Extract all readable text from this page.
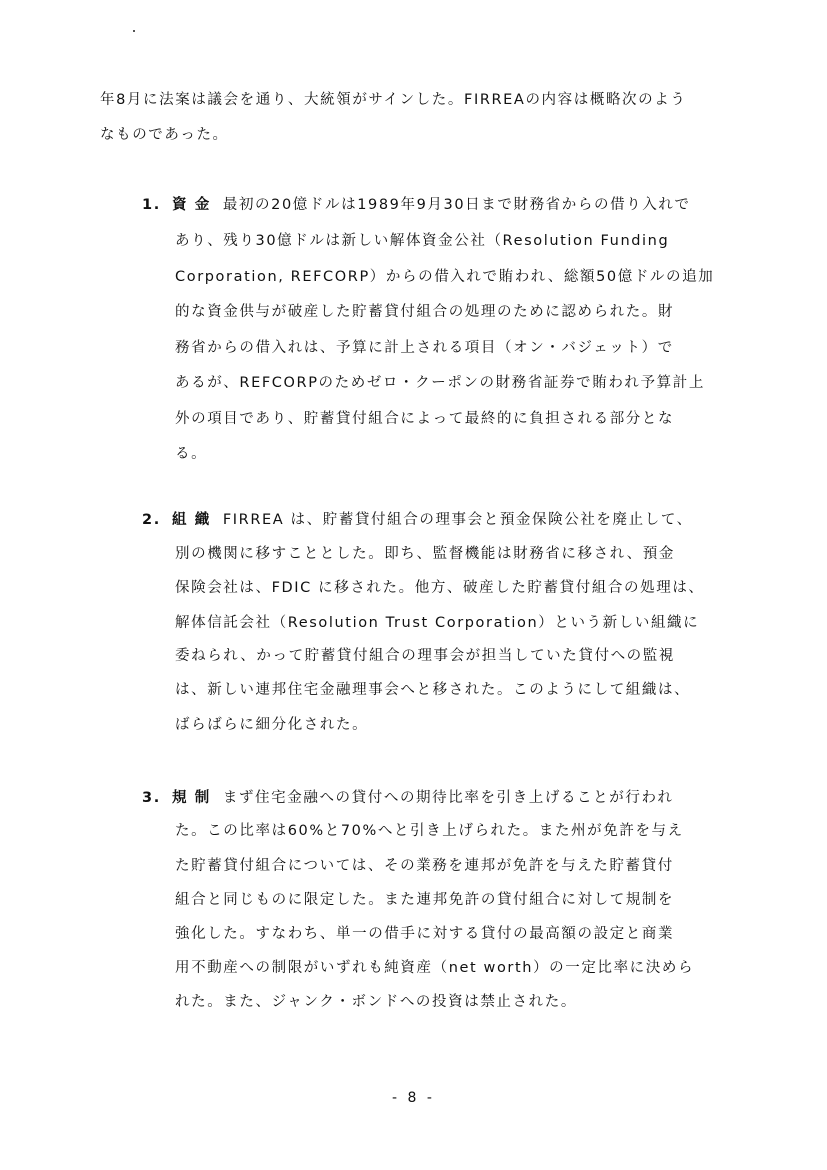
年8月に法案は議会を通り、大統領がサインした。FIRREAの内容は概略次のよう
なものであった。
1. 資 金 最初の20億ドルは1989年9月30日まで財務省からの借り入れで
あり、残り30億ドルは新しい解体資金公社（Resolution Funding
Corporation, REFCORP）からの借入れで賄われ、総額50億ドルの追加
的な資金供与が破産した貯蓄貸付組合の処理のために認められた。財
務省からの借入れは、予算に計上される項目（オン・バジェット）で
あるが、REFCORPのためゼロ・クーポンの財務省証券で賄われ予算計上
外の項目であり、貯蓄貸付組合によって最終的に負担される部分とな
る。
2. 組 織 FIRREA は、貯蓄貸付組合の理事会と預金保険公社を廃止して、
別の機関に移すこととした。即ち、監督機能は財務省に移され、預金
保険会社は、FDIC に移された。他方、破産した貯蓄貸付組合の処理は、
解体信託会社（Resolution Trust Corporation）という新しい組織に
委ねられ、かって貯蓄貸付組合の理事会が担当していた貸付への監視
は、新しい連邦住宅金融理事会へと移された。このようにして組織は、
ばらばらに細分化された。
3. 規 制 まず住宅金融への貸付への期待比率を引き上げることが行われ
た。この比率は60%と70%へと引き上げられた。また州が免許を与え
た貯蓄貸付組合については、その業務を連邦が免許を与えた貯蓄貸付
組合と同じものに限定した。また連邦免許の貸付組合に対して規制を
強化した。すなわち、単一の借手に対する貸付の最高額の設定と商業
用不動産への制限がいずれも純資産（net worth）の一定比率に決めら
れた。また、ジャンク・ボンドへの投資は禁止された。
- 8 -
